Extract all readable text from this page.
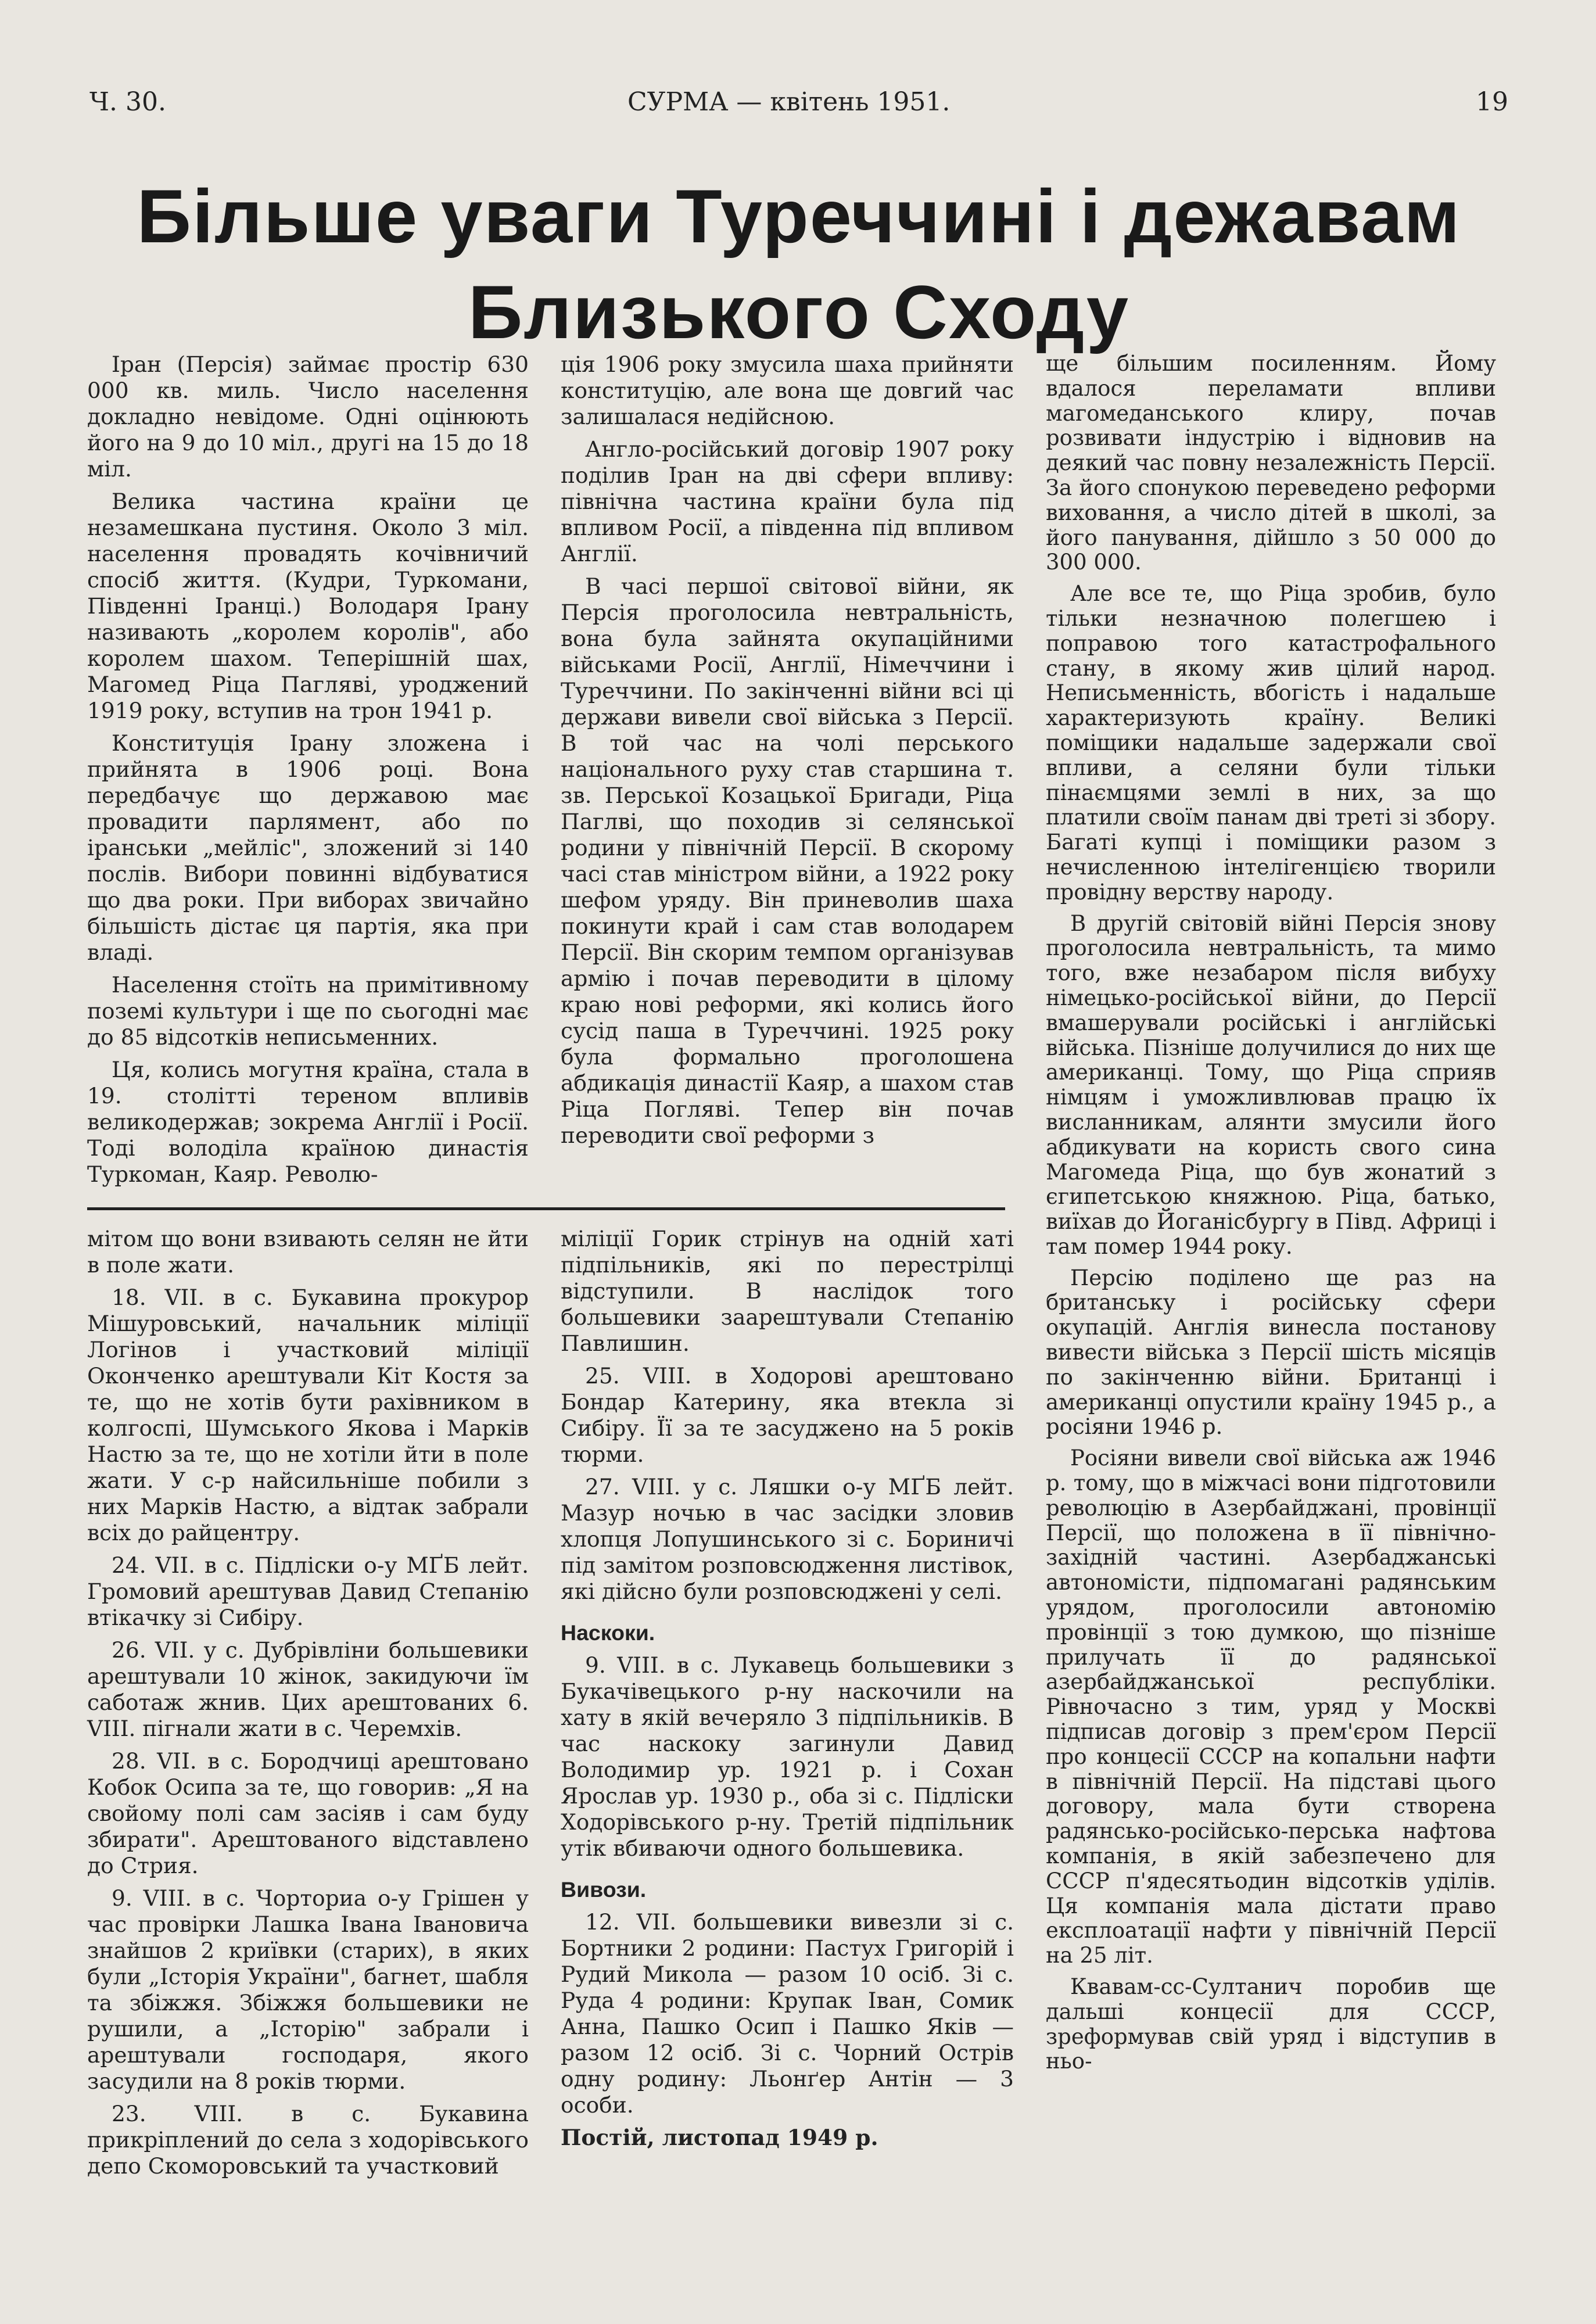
Ч. 30.	СУРМА — квітень 1951.	19
Більше уваги Туреччині і дежавам
Близького Сходу

Іран (Персія) займає простір 630 000 кв. миль. Число населення докладно невідоме. Одні оцінюють його на 9 до 10 міл., другі на 15 до 18 міл.

Велика частина країни це незамешкана пустиня. Около 3 міл. населення провадять кочівничий спосіб життя. (Кудри, Туркомани, Південні Іранці.) Володаря Ірану називають „королем королів", або королем шахом. Теперішній шах, Магомед Ріца Пагляві, уроджений 1919 року, вступив на трон 1941 р.

Конституція Ірану зложена і прийнята в 1906 році. Вона передбачує що державою має провадити парлямент, або по іранськи „мейліс", зложений зі 140 послів. Вибори повинні відбуватися що два роки. При виборах звичайно більшість дістає ця партія, яка при владі.

Населення стоїть на примітивному поземі культури і ще по сьогодні має до 85 відсотків неписьменних.

Ця, колись могутня країна, стала в 19. столітті тереном впливів великодержав; зокрема Англії і Росії. Тоді володіла країною династія Туркоман, Каяр. Револю-

ція 1906 року змусила шаха прийняти конституцію, але вона ще довгий час залишалася недійсною.

Англо-російський договір 1907 року поділив Іран на дві сфери впливу: північна частина країни була під впливом Росії, а південна під впливом Англії.

В часі першої світової війни, як Персія проголосила невтральність, вона була зайнята окупаційними військами Росії, Англії, Німеччини і Туреччини. По закінченні війни всі ці держави вивели свої війська з Персії. В той час на чолі перського національного руху став старшина т. зв. Перської Козацької Бригади, Ріца Паглві, що походив зі селянської родини у північній Персії. В скорому часі став міністром війни, а 1922 року шефом уряду. Він приневолив шаха покинути край і сам став володарем Персії. Він скорим темпом організував армію і почав переводити в цілому краю нові реформи, які колись його сусід паша в Туреччині. 1925 року була формально проголошена абдикація династії Каяр, а шахом став Ріца Погляві. Тепер він почав переводити свої реформи з

ще більшим посиленням. Йому вдалося переламати впливи магомеданського клиру, почав розвивати індустрію і відновив на деякий час повну незалежність Персії. За його спонукою переведено реформи виховання, а число дітей в школі, за його панування, дійшло з 50 000 до 300 000.

Але все те, що Ріца зробив, було тільки незначною полегшею і поправою того катастрофального стану, в якому жив цілий народ. Неписьменність, вбогість і надальше характеризують країну. Великі поміщики надальше задержали свої впливи, а селяни були тільки пінаємцями землі в них, за що платили своїм панам дві треті зі збору. Багаті купці і поміщики разом з нечисленною інтелігенцією творили провідну верству народу.

В другій світовій війні Персія знову проголосила невтральність, та мимо того, вже незабаром після вибуху німецько-російської війни, до Персії вмашерували російські і англійські війська. Пізніше долучилися до них ще американці. Тому, що Ріца сприяв німцям і уможливлював працю їх висланникам, алянти змусили його абдикувати на користь свого сина Магомеда Ріца, що був жонатий з єгипетською княжною. Ріца, батько, виїхав до Йоганісбургу в Півд. Африці і там помер 1944 року.

Персію поділено ще раз на британську і російську сфери окупацій. Англія винесла постанову вивести війська з Персії шість місяців по закінченню війни. Британці і американці опустили країну 1945 р., а росіяни 1946 р.

Росіяни вивели свої війська аж 1946 р. тому, що в міжчасі вони підготовили революцію в Азербайджані, провінції Персії, що положена в її північно-західній частині. Азербаджанські автономісти, підпомагані радянським урядом, проголосили автономію провінції з тою думкою, що пізніше прилучать її до радянської азербайджанської республіки. Рівночасно з тим, уряд у Москві підписав договір з прем'єром Персії про концесії СССР на копальни нафти в північній Персії. На підставі цього договору, мала бути створена радянсько-російсько-перська нафтова компанія, в якій забезпечено для СССР п'ядесятьодин відсотків уділів. Ця компанія мала дістати право експлоатації нафти у північній Персії на 25 літ.

Квавам-сс-Султанич поробив ще дальші концесії для СССР, зреформував свій уряд і відступив в ньо-

мітом що вони взивають селян не йти в поле жати.

18. VII. в с. Букавина прокурор Мішуровський, начальник міліції Логінов і участковий міліції Оконченко арештували Кіт Костя за те, що не хотів бути рахівником в колгоспі, Шумського Якова і Марків Настю за те, що не хотіли йти в поле жати. У с-р найсильніше побили з них Марків Настю, а відтак забрали всіх до райцентру.

24. VII. в с. Підліски о-у МҐБ лейт. Громовий арештував Давид Степанію втікачку зі Сибіру.

26. VII. у с. Дубрівліни большевики арештували 10 жінок, закидуючи їм саботаж жнив. Цих арештованих 6. VIII. пігнали жати в с. Черемхів.

28. VII. в с. Бородчиці арештовано Кобок Осипа за те, що говорив: „Я на свойому полі сам засіяв і сам буду збирати". Арештованого відставлено до Стрия.

9. VIII. в с. Чорториа о-у Грішен у час провірки Лашка Івана Івановича знайшов 2 криївки (старих), в яких були „Історія України", багнет, шабля та збіжжя. Збіжжя большевики не рушили, а „Історію" забрали і арештували господаря, якого засудили на 8 років тюрми.

23. VIII. в с. Букавина прикріплений до села з ходорівського депо Скоморовський та участковий

міліції Горик стрінув на одній хаті підпільників, які по перестрілці відступили. В наслідок того большевики заарештували Степанію Павлишин.

25. VIII. в Ходорові арештовано Бондар Катерину, яка втекла зі Сибіру. Її за те засуджено на 5 років тюрми.

27. VIII. у с. Ляшки о-у МҐБ лейт. Мазур ночью в час засідки зловив хлопця Лопушинського зі с. Бориничі під замітом розповсюдження листівок, які дійсно були розповсюджені у селі.

Наскоки.

9. VIII. в с. Лукавець большевики з Букачівецького р-ну наскочили на хату в якій вечеряло 3 підпільників. В час наскоку загинули Давид Володимир ур. 1921 р. і Сохан Ярослав ур. 1930 р., оба зі с. Підліски Ходорівського р-ну. Третій підпільник утік вбиваючи одного большевика.

Вивози.

12. VII. большевики вивезли зі с. Бортники 2 родини: Пастух Григорій і Рудий Микола — разом 10 осіб. Зі с. Руда 4 родини: Крупак Іван, Сомик Анна, Пашко Осип і Пашко Яків — разом 12 осіб. Зі с. Чорний Острів одну родину: Льонґер Антін — 3 особи.

Постій, листопад 1949 р.
